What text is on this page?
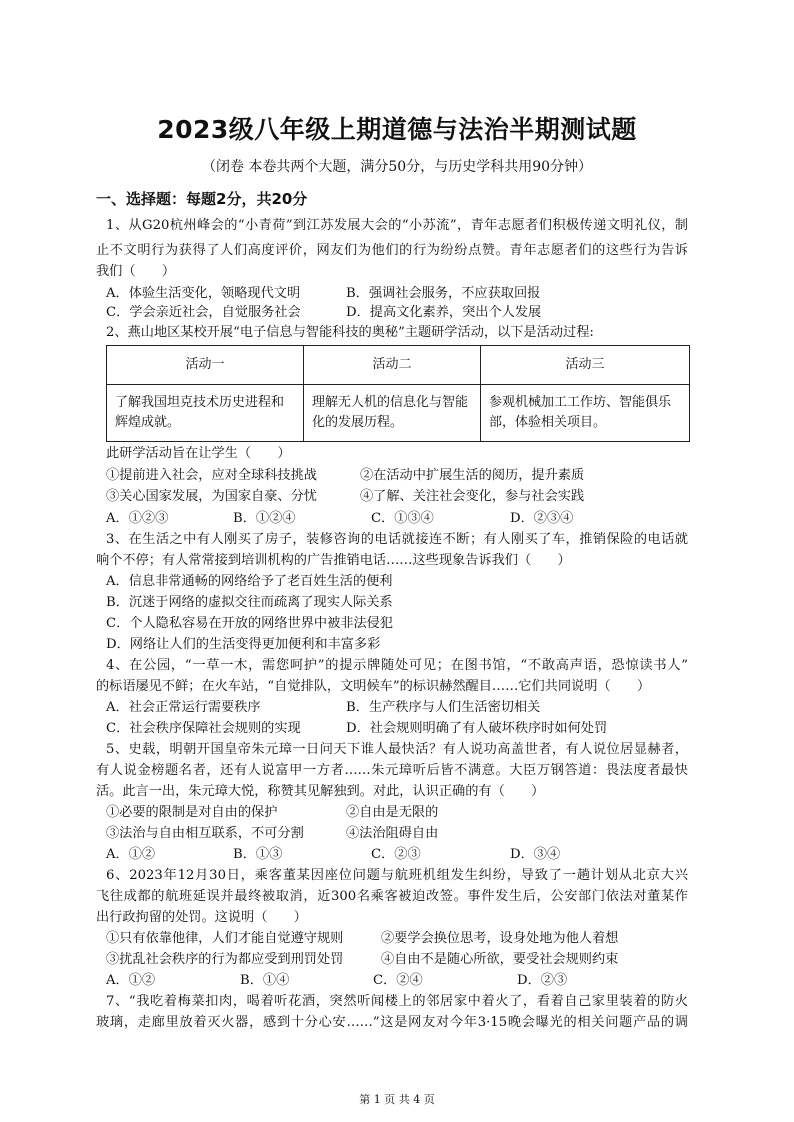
2023级八年级上期道德与法治半期测试题
（闭卷 本卷共两个大题，满分50分，与历史学科共用90分钟）
一、选择题：每题2分，共20分
1、从G20杭州峰会的“小青荷”到江苏发展大会的“小苏流”，青年志愿者们积极传递文明礼仪，制
止不文明行为获得了人们高度评价，网友们为他们的行为纷纷点赞。青年志愿者们的这些行为告诉
我们（　　）
A．体验生活变化，领略现代文明	B．强调社会服务，不应获取回报
C．学会亲近社会，自觉服务社会	D．提高文化素养，突出个人发展
2、燕山地区某校开展“电子信息与智能科技的奥秘”主题研学活动，以下是活动过程:
活动一	活动二	活动三
了解我国坦克技术历史进程和辉煌成就。	理解无人机的信息化与智能化的发展历程。	参观机械加工工作坊、智能俱乐部，体验相关项目。
此研学活动旨在让学生（　　）
①提前进入社会，应对全球科技挑战	②在活动中扩展生活的阅历，提升素质
③关心国家发展，为国家自豪、分忧	④了解、关注社会变化，参与社会实践
A．①②③	B．①②④	C．①③④	D．②③④
3、在生活之中有人刚买了房子，装修咨询的电话就接连不断；有人刚买了车，推销保险的电话就
响个不停；有人常常接到培训机构的广告推销电话……这些现象告诉我们（　　）
A．信息非常通畅的网络给予了老百姓生活的便利
B．沉迷于网络的虚拟交往而疏离了现实人际关系
C．个人隐私容易在开放的网络世界中被非法侵犯
D．网络让人们的生活变得更加便利和丰富多彩
4、在公园，“一草一木，需您呵护”的提示牌随处可见；在图书馆，“不敢高声语，恐惊读书人”
的标语屡见不鲜；在火车站，“自觉排队，文明候车”的标识赫然醒目……它们共同说明（　　）
A．社会正常运行需要秩序	B．生产秩序与人们生活密切相关
C．社会秩序保障社会规则的实现	D．社会规则明确了有人破坏秩序时如何处罚
5、史载，明朝开国皇帝朱元璋一日问天下谁人最快活？有人说功高盖世者，有人说位居显赫者，
有人说金榜题名者，还有人说富甲一方者……朱元璋听后皆不满意。大臣万钢答道：畏法度者最快
活。此言一出，朱元璋大悦，称赞其见解独到。对此，认识正确的有（　　）
①必要的限制是对自由的保护	②自由是无限的
③法治与自由相互联系，不可分割	④法治阻碍自由
A．①②	B．①③	C．②③	D．③④
6、2023年12月30日，乘客董某因座位问题与航班机组发生纠纷，导致了一趟计划从北京大兴
飞往成都的航班延误并最终被取消，近300名乘客被迫改签。事件发生后，公安部门依法对董某作
出行政拘留的处罚。这说明（　　）
①只有依靠他律，人们才能自觉遵守规则	②要学会换位思考，设身处地为他人着想
③扰乱社会秩序的行为都应受到刑罚处罚	④自由不是随心所欲，要受社会规则约束
A．①②	B．①④	C．②④	D．②③
7、“我吃着梅菜扣肉，喝着听花酒，突然听闻楼上的邻居家中着火了，看着自己家里装着的防火
玻璃，走廊里放着灭火器，感到十分心安……”这是网友对今年3·15晚会曝光的相关问题产品的调
第 1 页 共 4 页
